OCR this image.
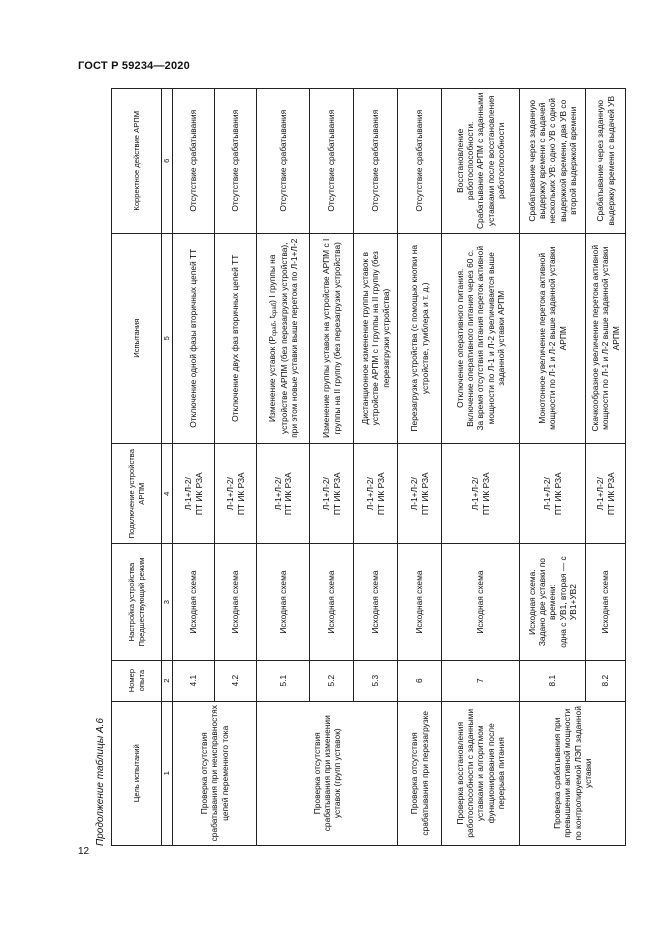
ГОСТ Р 59234—2020
Продолжение таблицы А.6	Цель испытаний	Номер опыта	Настройка устройства Предшествующий режим	Подключение устройства АРПМ	Испытания	Корректное действие АРПМ
1	2	3	4	5	6
Проверка отсутствия срабатывания при неисправностях цепей переменного тока	4.1	Исходная схема	Л-1+Л-2/
ПТ ИК РЗА	Отключение одной фазы вторичных цепей ТТ	Отсутствие срабатывания
	4.2	Исходная схема	Л-1+Л-2/
ПТ ИК РЗА	Отключение двух фаз вторичных цепей ТТ	Отсутствие срабатывания
Проверка отсутствия срабатывания при изменении уставок (групп уставок)	5.1	Исходная схема	Л-1+Л-2/
ПТ ИК РЗА	Изменение уставок ($P_{сраб}$, $t_{сраб}$) I группы на устройстве АРПМ (без перезагрузки устройства), при этом новые уставки выше перетока по Л-1+Л-2	Отсутствие срабатывания
	5.2	Исходная схема	Л-1+Л-2/
ПТ ИК РЗА	Изменение группы уставок на устройстве АРПМ с I группы на II группу (без перезагрузки устройства)	Отсутствие срабатывания
	5.3	Исходная схема	Л-1+Л-2/
ПТ ИК РЗА	Дистанционное изменение группы уставок в устройстве АРПМ с I группы на II группу (без перезагрузки устройства)	Отсутствие срабатывания
Проверка отсутствия срабатывания при перезагрузке	6	Исходная схема	Л-1+Л-2/
ПТ ИК РЗА	Перезагрузка устройства (с помощью кнопки на устройстве, тумблера и т. д.)	Отсутствие срабатывания
Проверка восстановления работоспособности с заданными уставками и алгоритмом функционирования после перерыва питания	7	Исходная схема	Л-1+Л-2/
ПТ ИК РЗА	Отключение оперативного питания.
Включение оперативного питания через 60 с.
За время отсутствия питания переток активной мощности по Л-1 и Л-2 увеличивается выше заданной уставки АРПМ	Восстановление работоспособности.
Срабатывание АРПМ с заданными уставками после восстановления работоспособности
Проверка срабатывания при превышении активной мощности по контролируемой ЛЭП заданной уставки	8.1	Исходная схема.
Задано две уставки по времени:
одна с УВ1, вторая — с УВ1+УВ2	Л-1+Л-2/
ПТ ИК РЗА	Монотонное увеличение перетока активной мощности по Л-1 и Л-2 выше заданной уставки АРПМ	Срабатывание через заданную выдержку времени с выдачей нескольких УВ: одно УВ с одной выдержкой времени, два УВ со второй выдержкой времени
	8.2	Исходная схема	Л-1+Л-2/
ПТ ИК РЗА	Скачкообразное увеличение перетока активной мощности по Л-1 и Л-2 выше заданной уставки АРПМ	Срабатывание через заданную выдержку времени с выдачей УВ
12
